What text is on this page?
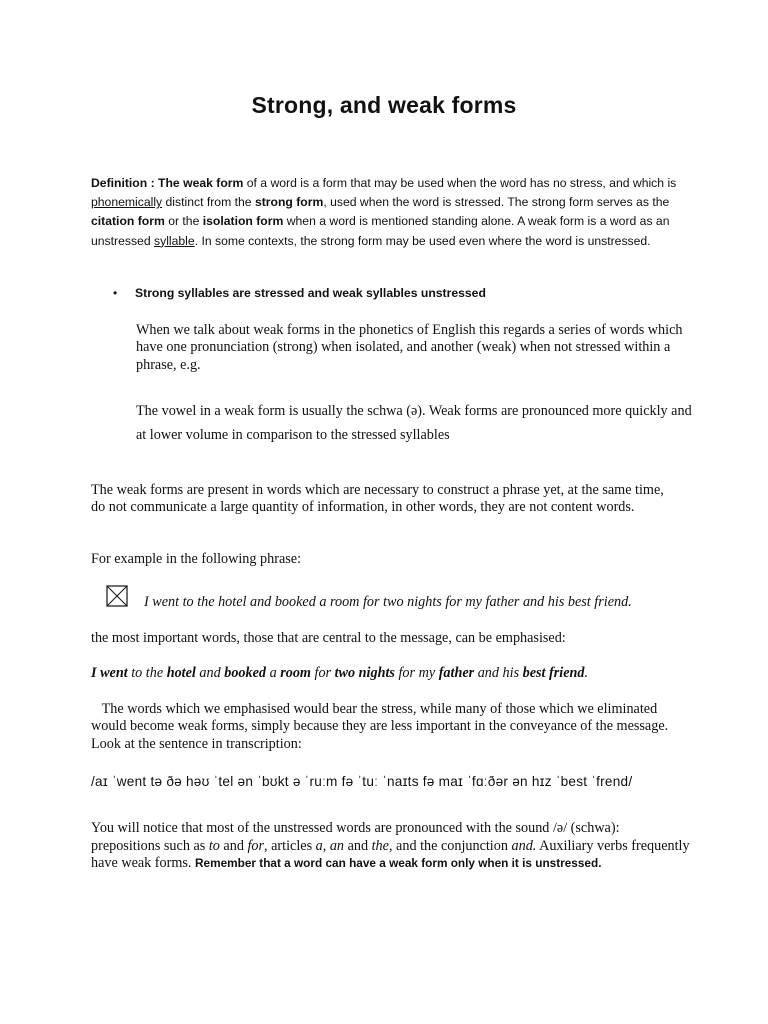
Strong, and weak forms
Definition : The weak form of a word is a form that may be used when the word has no stress, and which is phonemically distinct from the strong form, used when the word is stressed. The strong form serves as the citation form or the isolation form when a word is mentioned standing alone. A weak form is a word as an unstressed syllable. In some contexts, the strong form may be used even where the word is unstressed.
• Strong syllables are stressed and weak syllables unstressed
When we talk about weak forms in the phonetics of English this regards a series of words which have one pronunciation (strong) when isolated, and another (weak) when not stressed within a phrase, e.g.
The vowel in a weak form is usually the schwa (ə). Weak forms are pronounced more quickly and at lower volume in comparison to the stressed syllables
The weak forms are present in words which are necessary to construct a phrase yet, at the same time, do not communicate a large quantity of information, in other words, they are not content words.
For example in the following phrase:
I went to the hotel and booked a room for two nights for my father and his best friend.
the most important words, those that are central to the message, can be emphasised:
I went to the hotel and booked a room for two nights for my father and his best friend.
The words which we emphasised would bear the stress, while many of those which we eliminated would become weak forms, simply because they are less important in the conveyance of the message. Look at the sentence in transcription:
/aɪ ˈwent tə ðə həʊ ˈtel ən ˈbʊkt ə ˈruːm fə ˈtuː ˈnaɪts fə maɪ ˈfɑːðər ən hɪz ˈbest ˈfrend/
You will notice that most of the unstressed words are pronounced with the sound /ə/ (schwa): prepositions such as to and for, articles a, an and the, and the conjunction and. Auxiliary verbs frequently have weak forms. Remember that a word can have a weak form only when it is unstressed.
